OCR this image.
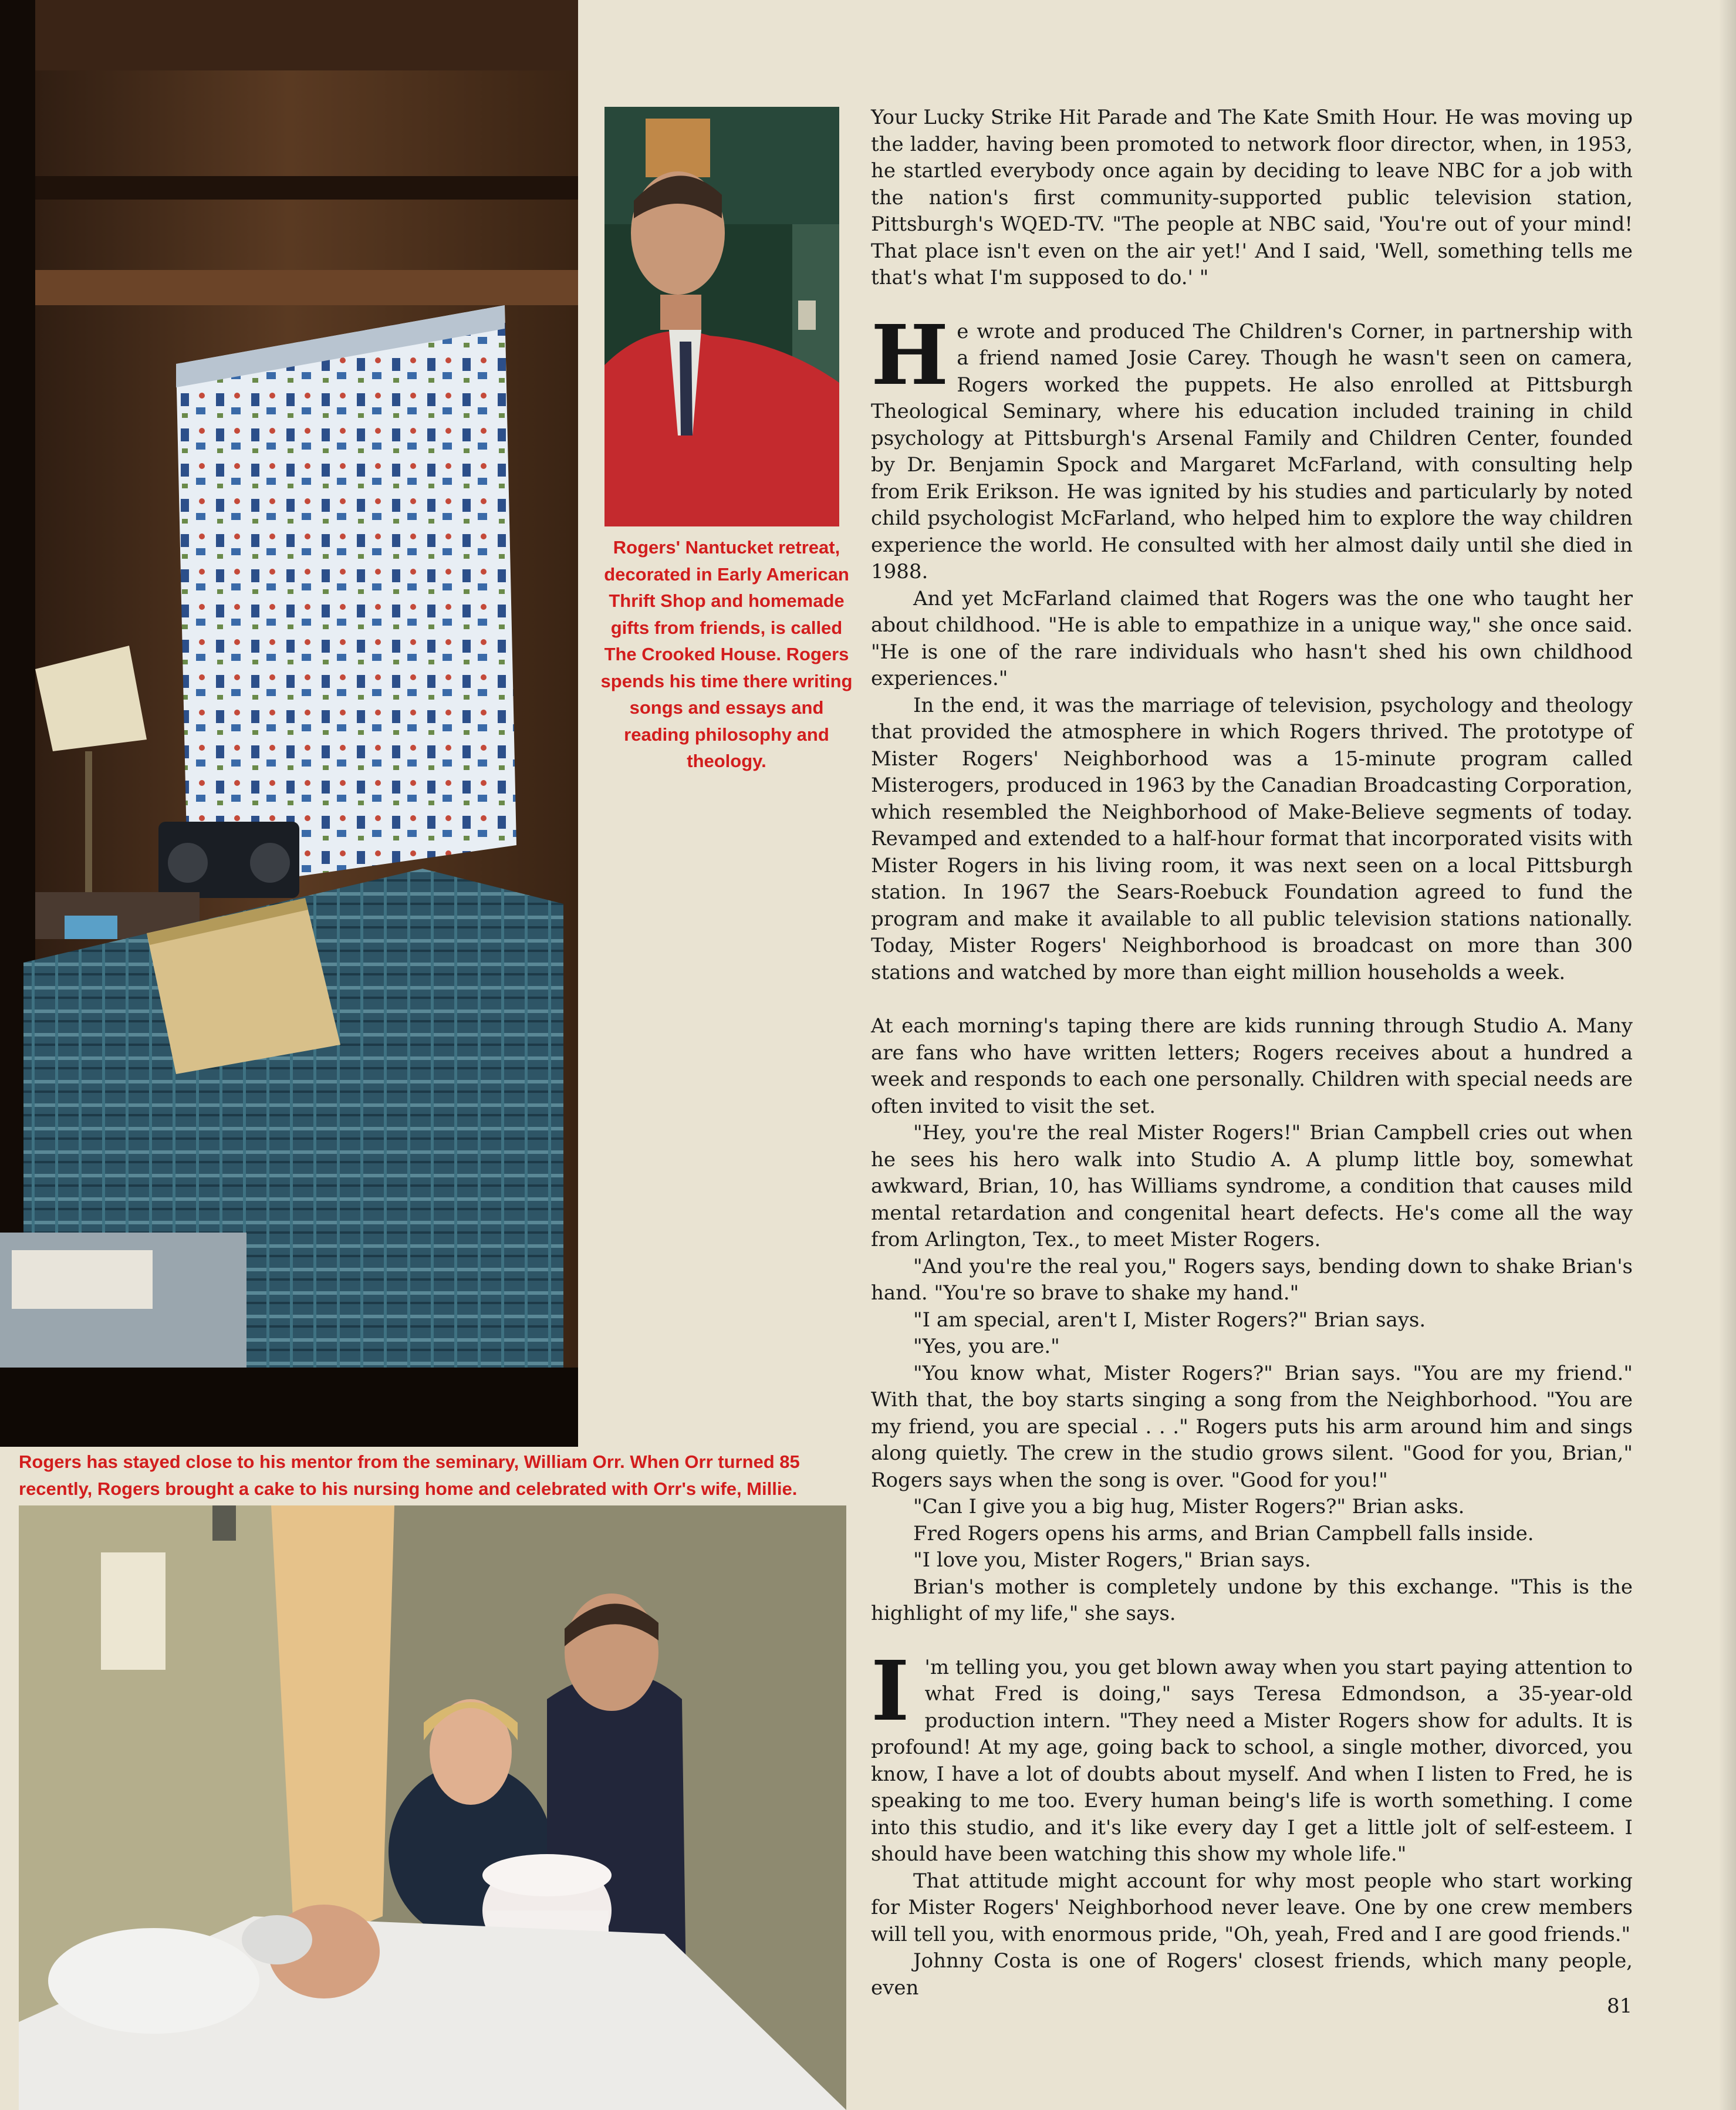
Rogers' Nantucket retreat, decorated in Early American Thrift Shop and homemade gifts from friends, is called The Crooked House. Rogers spends his time there writing songs and essays and reading philosophy and theology.
Rogers has stayed close to his mentor from the seminary, William Orr. When Orr turned 85
recently, Rogers brought a cake to his nursing home and celebrated with Orr's wife, Millie.

Your Lucky Strike Hit Parade and The Kate Smith Hour. He was moving up the ladder, having been promoted to network floor director, when, in 1953, he startled everybody once again by deciding to leave NBC for a job with the nation's first community-supported public television station, Pittsburgh's WQED-TV. "The people at NBC said, 'You're out of your mind! That place isn't even on the air yet!' And I said, 'Well, something tells me that's what I'm supposed to do.' "

He wrote and produced The Children's Corner, in partnership with a friend named Josie Carey. Though he wasn't seen on camera, Rogers worked the puppets. He also enrolled at Pittsburgh Theological Seminary, where his education included training in child psychology at Pittsburgh's Arsenal Family and Children Center, founded by Dr. Benjamin Spock and Margaret McFarland, with consulting help from Erik Erikson. He was ignited by his studies and particularly by noted child psychologist McFarland, who helped him to explore the way children experience the world. He consulted with her almost daily until she died in 1988.

And yet McFarland claimed that Rogers was the one who taught her about childhood. "He is able to empathize in a unique way," she once said. "He is one of the rare individuals who hasn't shed his own childhood experiences."

In the end, it was the marriage of television, psychology and theology that provided the atmosphere in which Rogers thrived. The prototype of Mister Rogers' Neighborhood was a 15-minute program called Misterogers, produced in 1963 by the Canadian Broadcasting Corporation, which resembled the Neighborhood of Make-Believe segments of today. Revamped and extended to a half-hour format that incorporated visits with Mister Rogers in his living room, it was next seen on a local Pittsburgh station. In 1967 the Sears-Roebuck Foundation agreed to fund the program and make it available to all public television stations nationally. Today, Mister Rogers' Neighborhood is broadcast on more than 300 stations and watched by more than eight million households a week.

At each morning's taping there are kids running through Studio A. Many are fans who have written letters; Rogers receives about a hundred a week and responds to each one personally. Children with special needs are often invited to visit the set.

"Hey, you're the real Mister Rogers!" Brian Campbell cries out when he sees his hero walk into Studio A. A plump little boy, somewhat awkward, Brian, 10, has Williams syndrome, a condition that causes mild mental retardation and congenital heart defects. He's come all the way from Arlington, Tex., to meet Mister Rogers.

"And you're the real you," Rogers says, bending down to shake Brian's hand. "You're so brave to shake my hand."

"I am special, aren't I, Mister Rogers?" Brian says.

"Yes, you are."

"You know what, Mister Rogers?" Brian says. "You are my friend." With that, the boy starts singing a song from the Neighborhood. "You are my friend, you are special . . ." Rogers puts his arm around him and sings along quietly. The crew in the studio grows silent. "Good for you, Brian," Rogers says when the song is over. "Good for you!"

"Can I give you a big hug, Mister Rogers?" Brian asks.

Fred Rogers opens his arms, and Brian Campbell falls inside.

"I love you, Mister Rogers," Brian says.

Brian's mother is completely undone by this exchange. "This is the highlight of my life," she says.

I 'm telling you, you get blown away when you start paying attention to what Fred is doing," says Teresa Edmondson, a 35-year-old production intern. "They need a Mister Rogers show for adults. It is profound! At my age, going back to school, a single mother, divorced, you know, I have a lot of doubts about myself. And when I listen to Fred, he is speaking to me too. Every human being's life is worth something. I come into this studio, and it's like every day I get a little jolt of self-esteem. I should have been watching this show my whole life."

That attitude might account for why most people who start working for Mister Rogers' Neighborhood never leave. One by one crew members will tell you, with enormous pride, "Oh, yeah, Fred and I are good friends."

Johnny Costa is one of Rogers' closest friends, which many people, even

81
